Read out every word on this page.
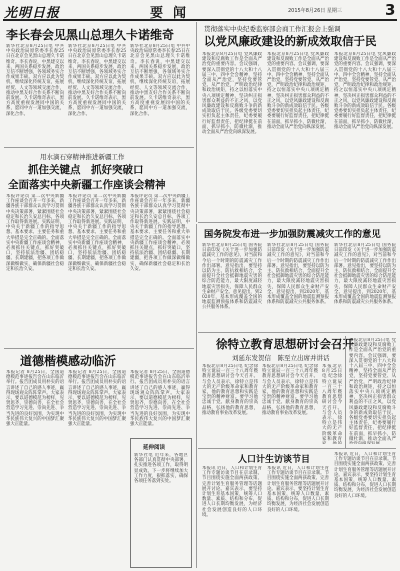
光明日报	要闻	2015年8月26日 星期三	3
李长春会见黑山总理久卡诺维奇
新华社北京8月25日电 中共中央政治局原常委李长春25日在北京会见黑山总理久卡诺维奇。李长春说，中黑建交以来，两国关系稳步发展，政治互信不断增强，各领域务实合作成果丰硕。双方应以此为契机，继续深化传统友谊，拓展经贸、人文等领域交流合作，推动中黑友好合作关系不断向前发展。久卡诺维奇表示，黑方高度重视发展同中国的关系，愿同中方一道加强交流，深化合作。
新华社北京8月25日电 中共中央政治局原常委李长春25日在北京会见黑山总理久卡诺维奇。李长春说，中黑建交以来，两国关系稳步发展，政治互信不断增强，各领域务实合作成果丰硕。双方应以此为契机，继续深化传统友谊，拓展经贸、人文等领域交流合作，推动中黑友好合作关系不断向前发展。久卡诺维奇表示，黑方高度重视发展同中国的关系，愿同中方一道加强交流，深化合作。
新华社北京8月25日电 中共中央政治局原常委李长春25日在北京会见黑山总理久卡诺维奇。李长春说，中黑建交以来，两国关系稳步发展，政治互信不断增强，各领域务实合作成果丰硕。双方应以此为契机，继续深化传统友谊，拓展经贸、人文等领域交流合作，推动中黑友好合作关系不断向前发展。久卡诺维奇表示，黑方高度重视发展同中国的关系，愿同中方一道加强交流，深化合作。
贯彻落实中央纪委监察部会商工作汇报会上强调
以党风廉政建设的新成效取信于民
本报北京8月25日电 党风廉政建设和反腐败工作是全面从严治党的重要内容。会议强调，要深入贯彻党的十八大和十八届三中、四中全会精神，坚持全面从严治党，坚持党要管党、从严治党，严明政治纪律和政治规矩，持之以恒落实中央八项规定精神，坚决纠正损害群众利益的不正之风，以党风廉政建设和反腐败斗争的新成效取信于民。各级党委要切实担负起主体责任，纪委要履行好监督责任，把纪律挺在前面，抓早抓小，防微杜渐，推动全面从严治党向纵深发展。
本报北京8月25日电 党风廉政建设和反腐败工作是全面从严治党的重要内容。会议强调，要深入贯彻党的十八大和十八届三中、四中全会精神，坚持全面从严治党，坚持党要管党、从严治党，严明政治纪律和政治规矩，持之以恒落实中央八项规定精神，坚决纠正损害群众利益的不正之风，以党风廉政建设和反腐败斗争的新成效取信于民。各级党委要切实担负起主体责任，纪委要履行好监督责任，把纪律挺在前面，抓早抓小，防微杜渐，推动全面从严治党向纵深发展。
本报北京8月25日电 党风廉政建设和反腐败工作是全面从严治党的重要内容。会议强调，要深入贯彻党的十八大和十八届三中、四中全会精神，坚持全面从严治党，坚持党要管党、从严治党，严明政治纪律和政治规矩，持之以恒落实中央八项规定精神，坚决纠正损害群众利益的不正之风，以党风廉政建设和反腐败斗争的新成效取信于民。各级党委要切实担负起主体责任，纪委要履行好监督责任，把纪律挺在前面，抓早抓小，防微杜渐，推动全面从严治党向纵深发展。
用水滴石穿精神推进新疆工作
抓住关键点　抓好突破口
全面落实中央新疆工作座谈会精神
本报评论员 第二次中央新疆工作座谈会召开一年多来，新疆各族干部群众认真学习贯彻中央决策部署，紧紧围绕社会稳定和长治久安总目标，各项工作取得新进展。实践证明，中央关于新疆工作的指导思想、基本要求、主要任务和重大举措是完全正确的。全面落实中央新疆工作座谈会精神，必须抓住关键点，抓好突破口，坚持依法治疆、团结稳疆、长期建疆，把各项工作做深做细做实，确保新疆社会稳定和长治久安。
本报评论员 第二次中央新疆工作座谈会召开一年多来，新疆各族干部群众认真学习贯彻中央决策部署，紧紧围绕社会稳定和长治久安总目标，各项工作取得新进展。实践证明，中央关于新疆工作的指导思想、基本要求、主要任务和重大举措是完全正确的。全面落实中央新疆工作座谈会精神，必须抓住关键点，抓好突破口，坚持依法治疆、团结稳疆、长期建疆，把各项工作做深做细做实，确保新疆社会稳定和长治久安。
本报评论员 第二次中央新疆工作座谈会召开一年多来，新疆各族干部群众认真学习贯彻中央决策部署，紧紧围绕社会稳定和长治久安总目标，各项工作取得新进展。实践证明，中央关于新疆工作的指导思想、基本要求、主要任务和重大举措是完全正确的。全面落实中央新疆工作座谈会精神，必须抓住关键点，抓好突破口，坚持依法治疆、团结稳疆、长期建疆，把各项工作做深做细做实，确保新疆社会稳定和长治久安。
国务院发布进一步加强防震减灾工作的意见
新华社北京8月25日电 国务院日前印发《关于进一步加强防震减灾工作的意见》，对当前和今后一个时期的防震减灾工作作出部署。意见指出，要坚持以防为主、防抗救相结合，全面提升全社会抵御地震灾害的综合防范能力，最大限度减轻地震灾害损失，保障人民群众生命财产安全。意见提出，到2020年，基本形成覆盖全国的地震监测预报体系和防震减灾公共服务体系。
新华社北京8月25日电 国务院日前印发《关于进一步加强防震减灾工作的意见》，对当前和今后一个时期的防震减灾工作作出部署。意见指出，要坚持以防为主、防抗救相结合，全面提升全社会抵御地震灾害的综合防范能力，最大限度减轻地震灾害损失，保障人民群众生命财产安全。意见提出，到2020年，基本形成覆盖全国的地震监测预报体系和防震减灾公共服务体系。
新华社北京8月25日电 国务院日前印发《关于进一步加强防震减灾工作的意见》，对当前和今后一个时期的防震减灾工作作出部署。意见指出，要坚持以防为主、防抗救相结合，全面提升全社会抵御地震灾害的综合防范能力，最大限度减轻地震灾害损失，保障人民群众生命财产安全。意见提出，到2020年，基本形成覆盖全国的地震监测预报体系和防震减灾公共服务体系。
徐特立教育思想研讨会召开
刘延东发贺信　陈至立出席并讲话
本报北京8月25日电 纪念徐特立诞辰一百三十八周年暨教育思想研讨会今天召开。与会人员表示，徐特立是伟大的无产阶级革命家和教育家，他的教育思想和实践是宝贵的精神财富。要学习他忠诚于党、献身教育的崇高品格，弘扬他的教育思想，推动教育事业改革发展。
本报北京8月25日电 纪念徐特立诞辰一百三十八周年暨教育思想研讨会今天召开。与会人员表示，徐特立是伟大的无产阶级革命家和教育家，他的教育思想和实践是宝贵的精神财富。要学习他忠诚于党、献身教育的崇高品格，弘扬他的教育思想，推动教育事业改革发展。
本报北京8月25日电 纪念徐特立诞辰一百三十八周年暨教育思想研讨会今天召开。与会人员表示，徐特立是伟大的无产阶级革命家和教育
本报北京8月25日电 党风廉政建设和反腐败工作是全面从严治党的重要内容。会议强调，要深入贯彻党的十八大和十八届三中、四中全会精神，坚持全面从严治党，坚持党要管党、从严治党，严明政治纪律和政治规矩，持之以恒落实中央八项规定精神，坚决纠正损害群众利益的不正之风，以党风廉政建设和反腐败斗争的新成效取信于民。各级党委要切实担负起主体责任，纪委要履行好监督责任，把纪律挺在前面，抓早抓小，防微杜渐，推动全面从严
道德楷模感动临沂
本报记者 8月25日，全国道德模范事迹报告会在山东临沂举行。报告团成员用朴实的语言讲述了自己的感人事迹，赢得现场观众阵阵掌声。大家表示，要以道德模范为榜样，见贤思齐，崇德向善，在全社会营造学习先进、崇尚先进、争当先进的良好氛围，为实现中华民族伟大复兴的中国梦汇聚强大正能量。
本报记者 8月25日，全国道德模范事迹报告会在山东临沂举行。报告团成员用朴实的语言讲述了自己的感人事迹，赢得现场观众阵阵掌声。大家表示，要以道德模范为榜样，见贤思齐，崇德向善，在全社会营造学习先进、崇尚先进、争当先进的良好氛围，为实现中华民族伟大复兴的中国梦汇聚强大正能量。
延伸阅读
新华社电 近年来，各地区各部门认真贯彻中央部署，扎实推进各项工作，取得明显成效。下一步将继续加大工作力度，狠抓落实，确保各项任务落到实处。
本报记者 8月25日，全国道德模范事迹报告会在山东临沂举行。报告团成员用朴实的语言讲述了自己的感人事迹，赢得现场观众阵阵掌声。大家表示，要以道德模范为榜样，见贤思齐，崇德向善，在全社会营造学习先进、崇尚先进、争当先进的良好氛围，为实现中华民族伟大复兴的中国梦汇聚强大正能量。
人口计生访谈节目
本报讯 近日，人口和计划生育工作专题访谈节目在京录制。节目围绕实施全面两孩政策、完善计划生育服务管理等话题展开讨论。嘉宾表示，要坚持计划生育基本国策，统筹人口数量、素质、结构和分布，促进人口长期均衡发展，为经济社会发展创造良好的人口环境。
本报讯 近日，人口和计划生育工作专题访谈节目在京录制。节目围绕实施全面两孩政策、完善计划生育服务管理等话题展开讨论。嘉宾表示，要坚持计划生育基本国策，统筹人口数量、素质、结构和分布，促进人口长期均衡发展，为经济社会发展创造良好的人口环境。
本报讯 近日，人口和计划生育工作专题访谈节目在京录制。节目围绕实施全面两孩政策、完善计划生育服务管理等话题展开讨论。嘉宾表示，要坚持计划生育基本国策，统筹人口数量、素质、结构和分布，促进人口长期均衡发展，为经济社会发展创造良好的人口环境。
